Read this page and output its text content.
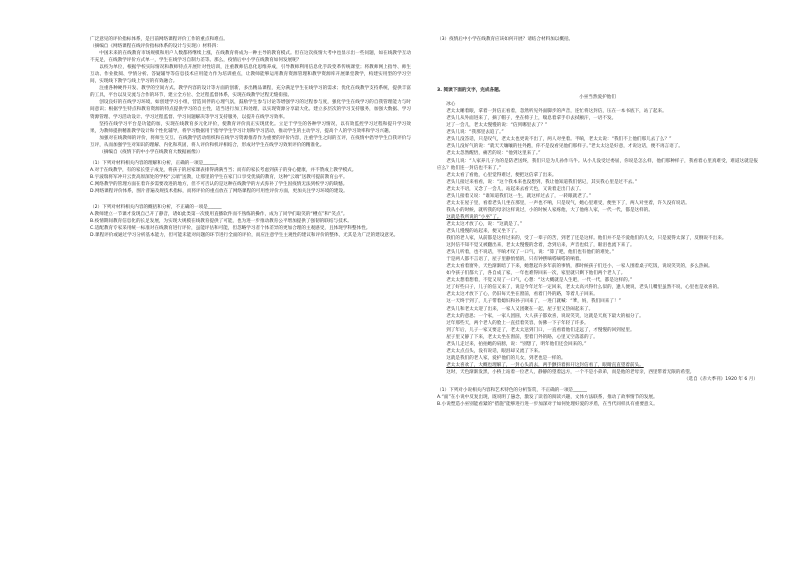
广泛意见的评价指标体系，是目前网络课程评价工作的重点和难点。

（摘编自《网络课程在线评价指标体系的设计与实现》）材料四：

中国未来的在线教育市场规模和用户人数都将继续上涨，在线教育将成为一种主导的教育模式。但在这次疫情大考中也显示出一些问题，如在线教学互动不充足，在线教学评价方式单一，学生在线学习自制力差等。那么，疫情后中小学在线教育如何发展呢？

以校为单位，根据学校实际情况和教师特点开展针对性培训，注重教师信息化思维养成，引导教师利用信息化手段变革传统课堂；将教师网上指导、师生互动、作业批阅、学情分析、答疑辅导等信息技术应用能力作为培训重点，让教师能够运用教育资源管理和教学资源库开展课堂教学，构建实用型的学习空间，实现线下教学与线上学习的有效融合。

注重各种硬件开发、教学的空间方式。教学内容的设计等方面的创新，多出精品课程，充分满足学生在线学习的需求；优化在线教学支持系统，提供丰富的工具，平台以及交流与合作的环节，建立全方位、全过程监督体系，实现在线教学过程无缝衔接。

创设良好的在线学习环境，如创建学习小组，营造同伴的心理气氛，鼓励学生参与讨论等增强学习的过程参与度，强化学生在线学习的自我管理能力与时间意识；根据学生特点和教育资源的特点提供学习的自主性，适当进行加工和处理，以实现资源分享最大化。建立多层次的学习支持服务，加强大数据、学习资源管理、学习活动设计、学习过程监督、学习问题解决等学习支持服务，以提升在线学习效率。

坚持在线学习平台是功能的加，实现在线教育多元化评价，使教育评价真正实现优化。立足于学生的各种学习情况，以有效监控学习过程和提升学习效果，为教师提供精准教学设计和个性化辅导，将学习数据用于指导学生学习计划和学习活动，推动学生的主动学习，提高个人的学习效率和学习兴趣。

加强对在线教师的评价，将师生交互、在线教学活动组织和在线学习资源推荐作为重要的评价内容，注重学生之间的互评，在疫情中倡导学生自我评价与互评，从而加强学生对知识的理解、内化和巩固，将人评价和机评相结合，形成对学生在线学习效果评价的精准化。

（摘编自《疫情下的中小学在线教育大数据画像》）

（1）下列对材料相关内容的理解和分析，正确的一项是______

A.对于在线教学，有的家长望子成龙，将孩子的居家课表排得满满当当；而有的家长考虑到孩子的身心健康，并不赞成上教学模式。

B.宇波瑞将军冲开云贵高原深处的学校“云端”送教，让那里的学生在家门口享受优质的教育，这种“云端”送教可提前教育公平。

C.网络教学的管理方面在着许多需要改进的地方，但不可否认的是这种在线教学的方式弥补了学生因疫情无法到校学习的缺憾。

D.网络课程评价体系，图片普遍及规技术指标，而将评价的重点放在了网络课程的可用性评价方面，更加关注学习环境的建设。

（2）下列对材料相关内容的概括和分析，不正确的一项是______

A.教师建立一节课才发现自己开了静音，诸如此类第一次使用直播软件而不熟练的操作，成为了同学们取笑的“槽点”和“笑点”。

B.疫情期间教育信息化的长足发展，为实现大规模在线教育提供了可能，也为进一步推动教育公平增加提供了强韧的联结与技术。

C.适配教育专家采用统一标准对在线教育进行评价，虽能评估和可能，但忽略学习者个体差异的更加合理的主观感受，且体现学科整体性。

D.课程评价或通过学习分析基本能力，但可能未能对问题的环节进行全面的评价，而应注意学生主观性的建议和评价的整体，尤其是为广泛的建设意见。

（3）疫情后中小学在线教育应该如何开展？请结合材料加以概括。

3. 阅读下面的文字，完成各题。

小巫当然爱护他们

冰心

老太太睡着眼，拿着一封信正看着，忽然听见外面脚步的声音，连忙将这封信，压在一本书底下，站了起来。

老头儿从外面进来了，摘了帽子，坐在椅子上，喘息着拿手巾去拭额汗，一语不发。

过了一会儿，老太太慢慢的说：“信到哪里去了？”

老头儿说：“我那里去追了。”

老头儿没答话，只是叹气，老太太也更说不出了，两人对坐着。半晌，老太太说：“我们不上他们那儿去了么？”

老头儿没好气的说：“就天天嚷嚷的往外跑，你不是没看见他们那样子。”老太太这是好意，才说这话，便不再言语了。

老太太忽然醒悟，痛苦的说：“他到这里来了。”

老头儿说：“人家养儿子为的是防老送终，我们只是为儿孙作马牛。从小儿没受过委屈，你说是怎么样，他们那种样子，我看着心里真难受，难道这就是报应么？他们连一封信也不来了。”

老太太看了看他，心里觉得难过，便把这信拿了出来。

老头儿接过来看看，说：“这个我本来也没想到，我让他知道我们惦记，其实我心里是过不去。”

老太太不语，又念了一会儿，站起来去看天色，又说着走出门去了。

老头儿接着又说：“谁知道我们这一生，就这样过去了，一转眼就老了。”

老太太在屋子里，看着老头儿坐在那里，一声也不响，只是叹气，她心里难受，便坐下了，两人对坐着，许久没有说话。

我从小的时候，就听我的母亲这样说过，小的时候人家疼他，大了他疼人家，一代一代，都是这样的。

这就是我所说的“小巫”了。

老太太这才放了心，说：“这就是了。”

老头儿慢慢的站起来，便又坐下了。

我们的老人家，从前都是这样过来的，受了一辈子的苦，到老了还是这样。他们并不是不爱他们的儿女，只是爱得太深了，反倒说不出来。

这封信不知不觉又被翻出来，老太太慢慢的念着，念到后来，声音也低了，眼泪也流下来了。

老头儿听着，也不说话，半晌才叹了一口气，说：“算了吧，他们也有他们的难处。”

于是两人都不言语了，屋子里静悄悄的，只有钟摆嘀嗒嘀嗒的响着。

老太太看着窗外，天色渐渐暗了下来，她想起许多年前的事情，那时候孩子们还小，一家人围着桌子吃饭，说说笑笑的，多么热闹。

如今孩子们都大了，各自成了家，一年也难得回来一次，家里就只剩下他们两个老人了。

老太太想着想着，不觉又叹了一口气，心想：“这大概就是人生吧，一代一代，都是这样的。”

过了好些日子，儿子的信又来了，说是今年过年一定回来，老太太高兴得什么似的，逢人便说，老头儿嘴里虽然不说，心里也是欢喜的。

老太太这才放下了心，仍旧每天坐在窗前，看着门外的路，等着儿子回来。

这一天终于到了，儿子带着媳妇和孙子回来了，一进门就喊：“爹，妈，我们回来了！”

老头儿和老太太迎了出来，一家人又团聚在一起，屋子里又热闹起来了。

老太太的意思；一个家，一家人团圆，大人孩子都欢喜，说说笑笑，这就是天底下最大的福分了。

过年那些天，两个老人的脸上一直挂着笑容，仿佛一下子年轻了许多。

到了年后，儿子一家又要走了，老太太送到门口，一直看着他们走远了，才慢慢的回到屋里。

屋子里又静了下来，老太太坐在窗前，望着门外的路，心里又空落落的了。

老头儿走过来，拍拍她的肩膀，说：“别想了，明年他们还会回来的。”

老太太点点头，没有说话，眼泪却又流了下来。

这就是我们的老人家，爱护他们的儿女，到老也是一样的。

老太太喜欢了，大概也理解了，一封心头消去，两手颤抖着拆开这封信看了，眼睛直直望着前头。

这时，天色渐渐发黑，小桥上站着一位老人，静静的望着远方，一个不是小弟弟，而是他的老母亲，西里带着无限的希望。

（选自《赤大季刊》1920 年 6 月）

（1）下列对小说相关内容和艺术特色的分析鉴赏，不正确的一项是______

A.“面”在小说中反复出现，既说明了悬念，激发了读者的阅读兴趣，文体方法联系，推动了故事情节的发展。

B.小说塑造小巫别能看紧的“措施”能够进行进一步加深对于如何处理好爱的矛盾，在当代同样具有重要意义。
